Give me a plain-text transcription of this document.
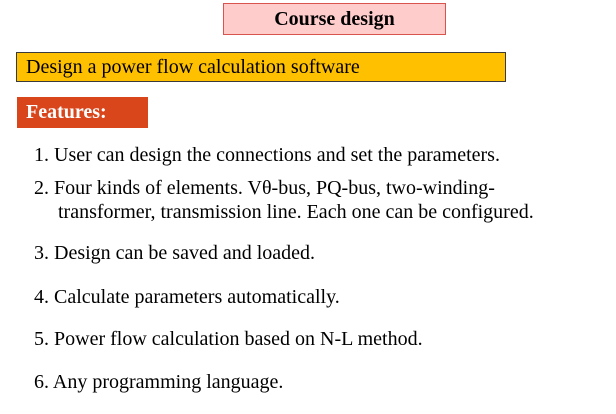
Course design
Design a power flow calculation software
Features:
1. User can design the connections and set the parameters.
2. Four kinds of elements. Vθ-bus, PQ-bus, two-winding-
transformer, transmission line. Each one can be configured.
3. Design can be saved and loaded.
4. Calculate parameters automatically.
5. Power flow calculation based on N-L method.
6. Any programming language.
